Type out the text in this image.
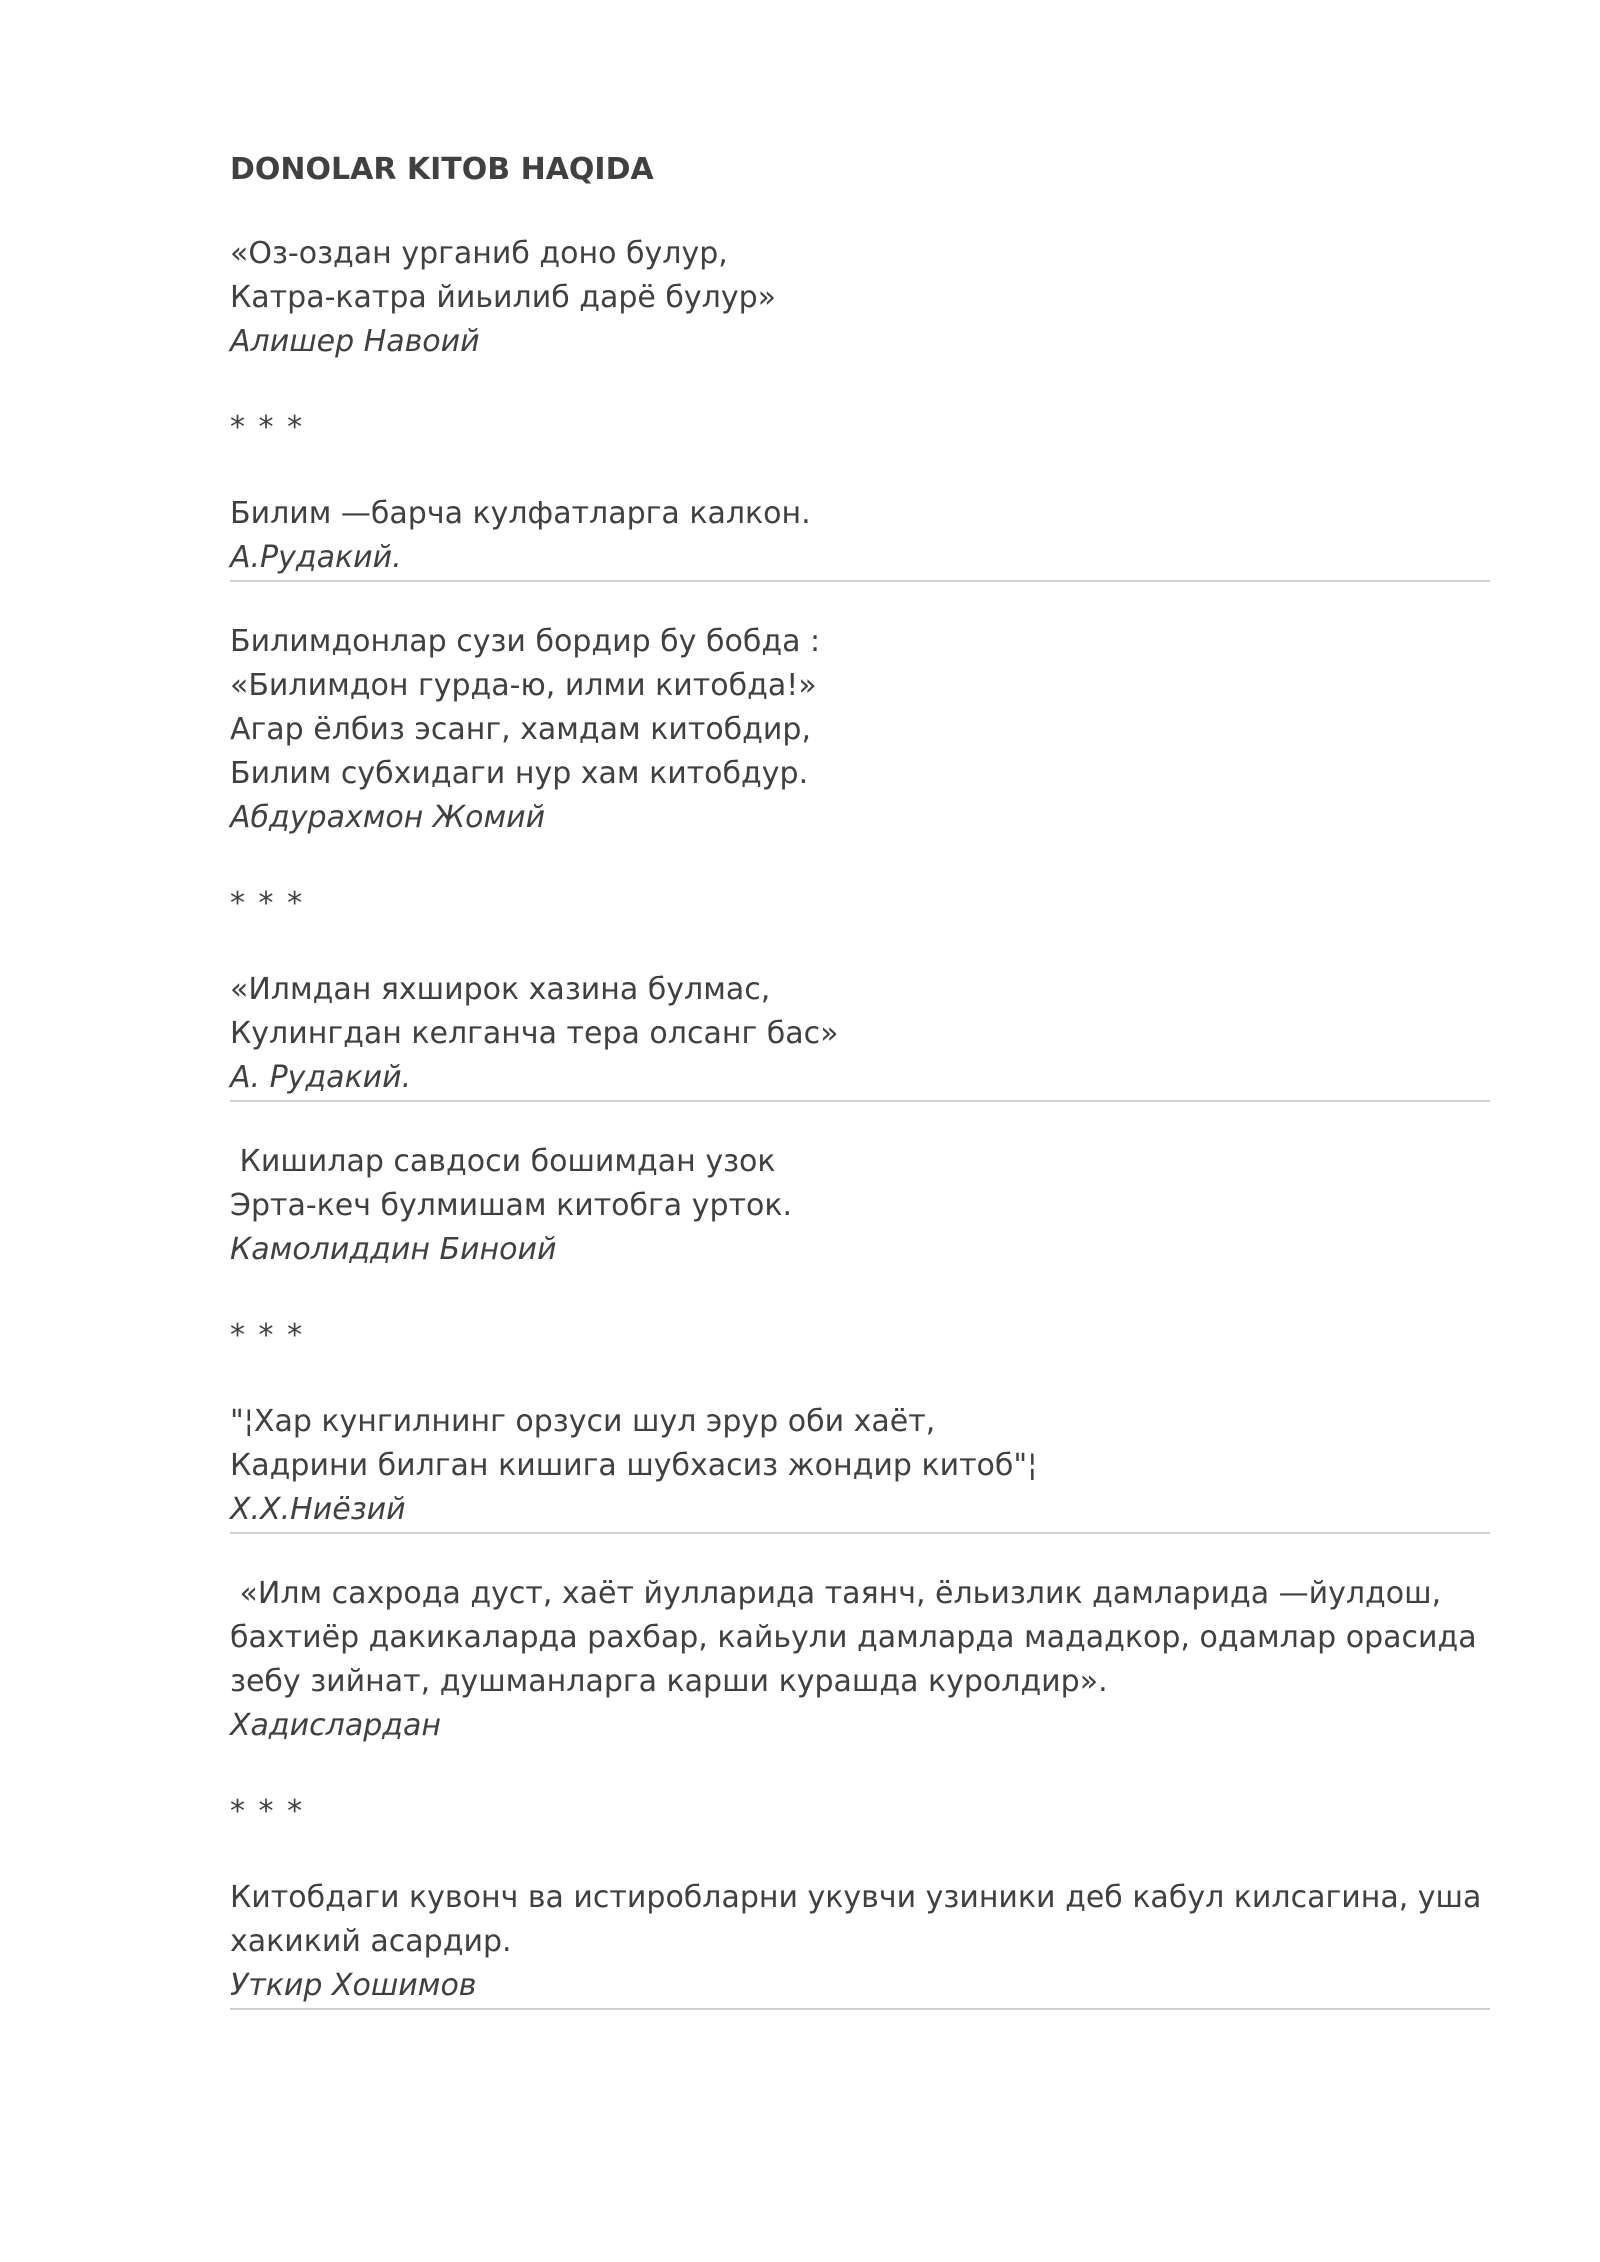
DONOLAR KITOB HAQIDA
«Оз-оздан урганиб доно булур,
Катра-катра йиьилиб дарё булур»
Алишер Навоий
* * *
Билим —барча кулфатларга калкон.
А.Рудакий.
Билимдонлар сузи бордир бу бобда :
«Билимдон гурда-ю, илми китобда!»
Агар ёлбиз эсанг, хамдам китобдир,
Билим субхидаги нур хам китобдур.
Абдурахмон Жомий
* * *
«Илмдан яхширок хазина булмас,
Кулингдан келганча тера олсанг бас»
А. Рудакий.
Кишилар савдоси бошимдан узок
Эрта-кеч булмишам китобга урток.
Камолиддин Биноий
* * *
"¦Хар кунгилнинг орзуси шул эрур оби хаёт,
Кадрини билган кишига шубхасиз жондир китоб"¦
Х.Х.Ниёзий
«Илм сахрода дуст, хаёт йулларида таянч, ёльизлик дамларида —йулдош,
бахтиёр дакикаларда рахбар, кайьули дамларда мададкор, одамлар орасида
зебу зийнат, душманларга карши курашда куролдир».
Хадислардан
* * *
Китобдаги кувонч ва истиробларни укувчи узиники деб кабул килсагина, уша
хакикий асардир.
Уткир Хошимов
